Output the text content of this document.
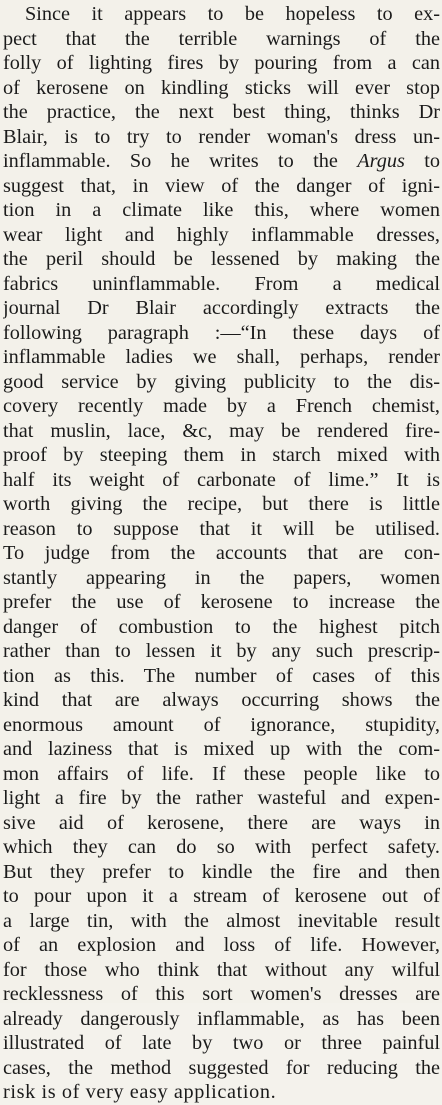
Since it appears to be hopeless to ex-
pect that the terrible warnings of the
folly of lighting fires by pouring from a can
of kerosene on kindling sticks will ever stop
the practice, the next best thing, thinks Dr
Blair, is to try to render woman's dress un-
inflammable. So he writes to the Argus to
suggest that, in view of the danger of igni-
tion in a climate like this, where women
wear light and highly inflammable dresses,
the peril should be lessened by making the
fabrics uninflammable. From a medical
journal Dr Blair accordingly extracts the
following paragraph :—“In these days of
inflammable ladies we shall, perhaps, render
good service by giving publicity to the dis-
covery recently made by a French chemist,
that muslin, lace, &c, may be rendered fire-
proof by steeping them in starch mixed with
half its weight of carbonate of lime.” It is
worth giving the recipe, but there is little
reason to suppose that it will be utilised.
To judge from the accounts that are con-
stantly appearing in the papers, women
prefer the use of kerosene to increase the
danger of combustion to the highest pitch
rather than to lessen it by any such prescrip-
tion as this. The number of cases of this
kind that are always occurring shows the
enormous amount of ignorance, stupidity,
and laziness that is mixed up with the com-
mon affairs of life. If these people like to
light a fire by the rather wasteful and expen-
sive aid of kerosene, there are ways in
which they can do so with perfect safety.
But they prefer to kindle the fire and then
to pour upon it a stream of kerosene out of
a large tin, with the almost inevitable result
of an explosion and loss of life. However,
for those who think that without any wilful
recklessness of this sort women's dresses are
already dangerously inflammable, as has been
illustrated of late by two or three painful
cases, the method suggested for reducing the
risk is of very easy application.
